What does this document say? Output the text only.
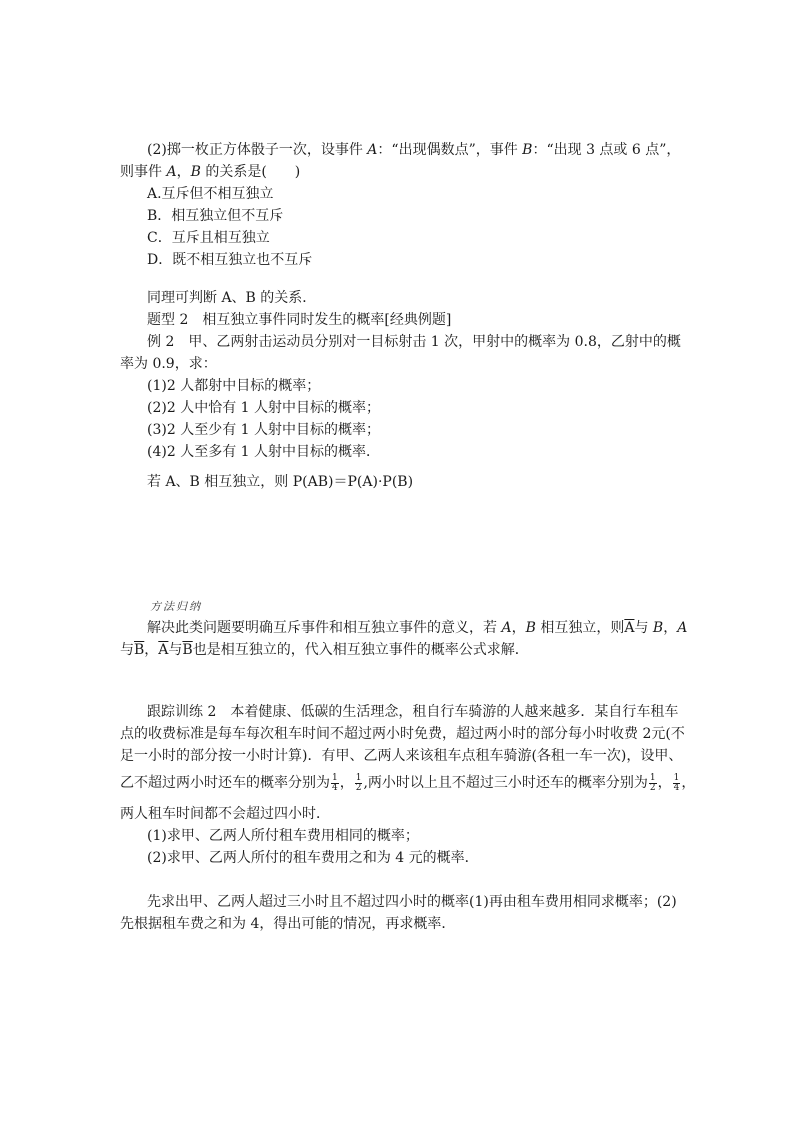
(2)掷一枚正方体骰子一次，设事件 A：“出现偶数点”，事件 B：“出现 3 点或 6 点”，
则事件 A，B 的关系是(　　)
A.互斥但不相互独立
B．相互独立但不互斥
C．互斥且相互独立
D．既不相互独立也不互斥
同理可判断 A、B 的关系．
题型 2　相互独立事件同时发生的概率[经典例题]
例 2　甲、乙两射击运动员分别对一目标射击 1 次，甲射中的概率为 0.8，乙射中的概
率为 0.9，求：
(1)2 人都射中目标的概率；
(2)2 人中恰有 1 人射中目标的概率；
(3)2 人至少有 1 人射中目标的概率；
(4)2 人至多有 1 人射中目标的概率．
若 A、B 相互独立，则 P(AB)＝P(A)·P(B)
方法归纳
解决此类问题要明确互斥事件和相互独立事件的意义，若 A，B 相互独立，则$\overline{A}$与 B，A
与$\overline{B}$，$\overline{A}$与$\overline{B}$也是相互独立的，代入相互独立事件的概率公式求解．
跟踪训练 2　本着健康、低碳的生活理念，租自行车骑游的人越来越多．某自行车租车
点的收费标准是每车每次租车时间不超过两小时免费，超过两小时的部分每小时收费 2元(不
足一小时的部分按一小时计算)．有甲、乙两人来该租车点租车骑游(各租一车一次)，设甲、
乙不超过两小时还车的概率分别为 $\frac{1}{4}$ ， $\frac{1}{2}$ ,两小时以上且不超过三小时还车的概率分别为 $\frac{1}{2}$ ， $\frac{1}{4}$ ，
两人租车时间都不会超过四小时．
(1)求甲、乙两人所付租车费用相同的概率；
(2)求甲、乙两人所付的租车费用之和为 4 元的概率．
先求出甲、乙两人超过三小时且不超过四小时的概率(1)再由租车费用相同求概率；(2)
先根据租车费之和为 4，得出可能的情况，再求概率．
